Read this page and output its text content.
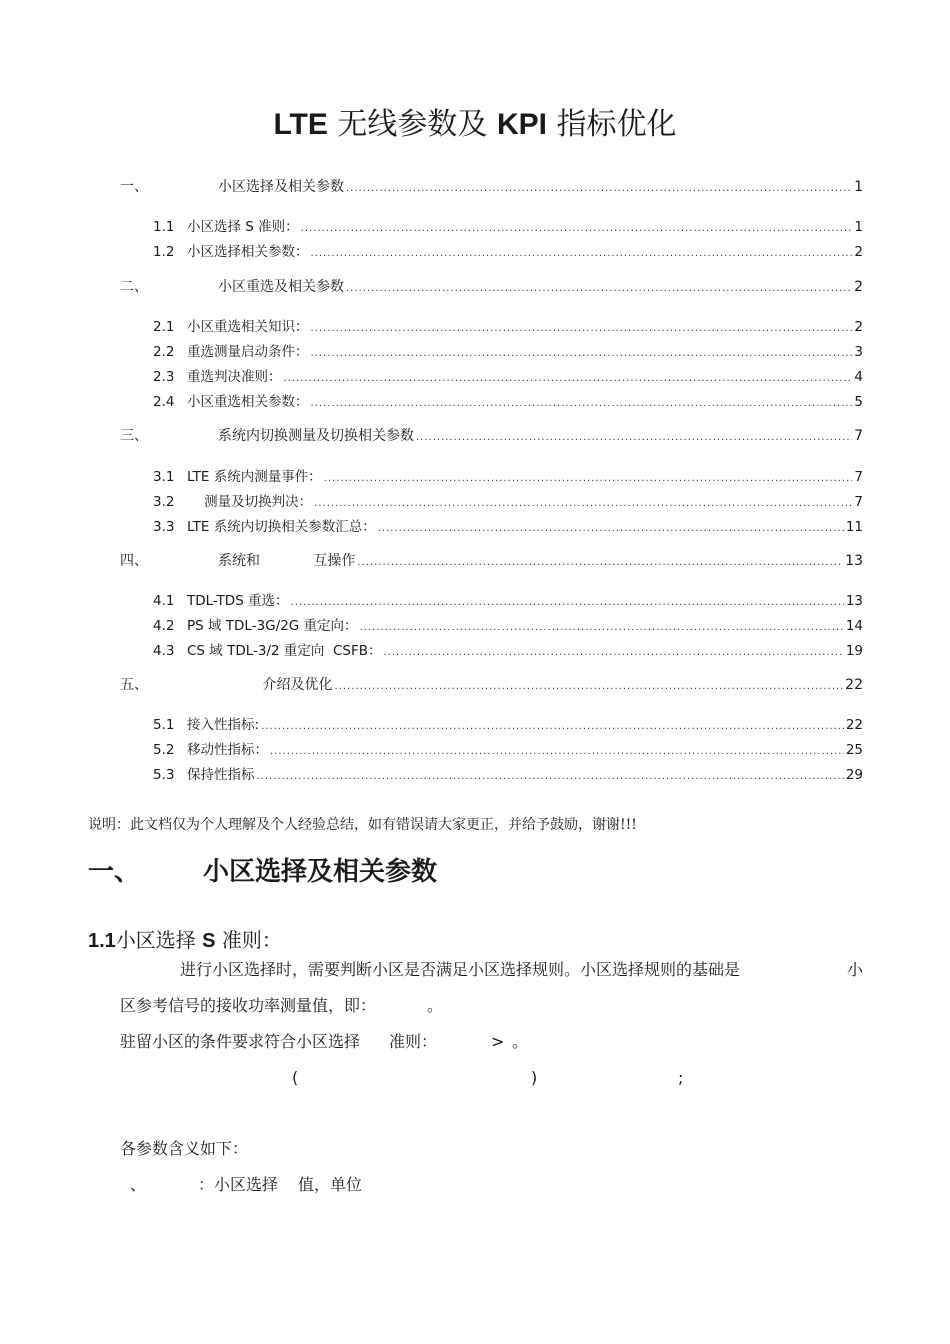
LTE 无线参数及 KPI 指标优化
一、	小区选择及相关参数 .....	1
1.1 小区选择 S 准则： .....	1
1.2 小区选择相关参数： .....	2
二、	小区重选及相关参数 .....	2
2.1 小区重选相关知识： .....	2
2.2 重选测量启动条件： .....	3
2.3 重选判决准则： .....	4
2.4 小区重选相关参数： .....	5
三、	系统内切换测量及切换相关参数 .....	7
3.1 LTE 系统内测量事件： .....	7
3.2 测量及切换判决： .....	7
3.3 LTE 系统内切换相关参数汇总： .....	11
四、	系统和            互操作 .....	13
4.1 TDL-TDS 重选： .....	13
4.2 PS 域 TDL-3G/2G 重定向： .....	14
4.3 CS 域 TDL-3/2 重定向  CSFB： .....	19
五、	介绍及优化 .....	22
5.1 接入性指标: .....	22
5.2 移动性指标： .....	25
5.3 保持性指标 .....	29
说明：此文档仅为个人理解及个人经验总结，如有错误请大家更正，并给予鼓励，谢谢!!!
一、 小区选择及相关参数
1.1小区选择 S 准则：
进行小区选择时，需要判断小区是否满足小区选择规则。小区选择规则的基础是	小
区参考信号的接收功率测量值，即：	。
驻留小区的条件要求符合小区选择 准则：	> 。
(	)	;
各参数含义如下：
、	：小区选择 值，单位
